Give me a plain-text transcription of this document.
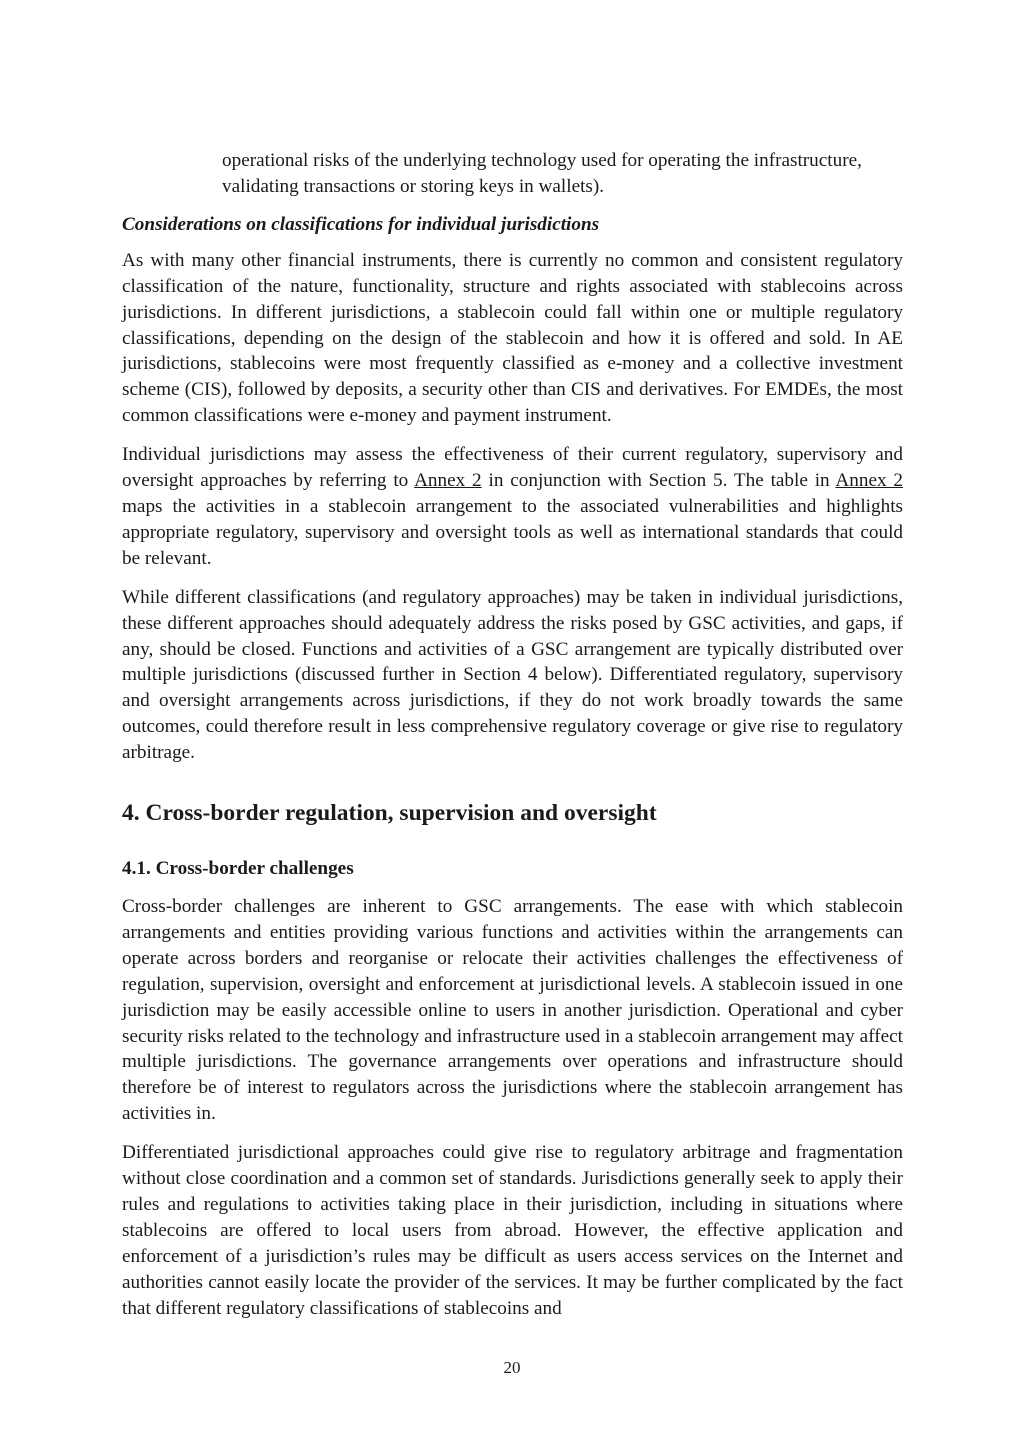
operational risks of the underlying technology used for operating the infrastructure, validating transactions or storing keys in wallets).

Considerations on classifications for individual jurisdictions

As with many other financial instruments, there is currently no common and consistent regulatory classification of the nature, functionality, structure and rights associated with stablecoins across jurisdictions. In different jurisdictions, a stablecoin could fall within one or multiple regulatory classifications, depending on the design of the stablecoin and how it is offered and sold. In AE jurisdictions, stablecoins were most frequently classified as e-money and a collective investment scheme (CIS), followed by deposits, a security other than CIS and derivatives. For EMDEs, the most common classifications were e-money and payment instrument.

Individual jurisdictions may assess the effectiveness of their current regulatory, supervisory and oversight approaches by referring to Annex 2 in conjunction with Section 5. The table in Annex 2 maps the activities in a stablecoin arrangement to the associated vulnerabilities and highlights appropriate regulatory, supervisory and oversight tools as well as international standards that could be relevant.

While different classifications (and regulatory approaches) may be taken in individual jurisdictions, these different approaches should adequately address the risks posed by GSC activities, and gaps, if any, should be closed. Functions and activities of a GSC arrangement are typically distributed over multiple jurisdictions (discussed further in Section 4 below). Differentiated regulatory, supervisory and oversight arrangements across jurisdictions, if they do not work broadly towards the same outcomes, could therefore result in less comprehensive regulatory coverage or give rise to regulatory arbitrage.

4. Cross-border regulation, supervision and oversight
4.1. Cross-border challenges

Cross-border challenges are inherent to GSC arrangements. The ease with which stablecoin arrangements and entities providing various functions and activities within the arrangements can operate across borders and reorganise or relocate their activities challenges the effectiveness of regulation, supervision, oversight and enforcement at jurisdictional levels. A stablecoin issued in one jurisdiction may be easily accessible online to users in another jurisdiction. Operational and cyber security risks related to the technology and infrastructure used in a stablecoin arrangement may affect multiple jurisdictions. The governance arrangements over operations and infrastructure should therefore be of interest to regulators across the jurisdictions where the stablecoin arrangement has activities in.

Differentiated jurisdictional approaches could give rise to regulatory arbitrage and fragmentation without close coordination and a common set of standards. Jurisdictions generally seek to apply their rules and regulations to activities taking place in their jurisdiction, including in situations where stablecoins are offered to local users from abroad. However, the effective application and enforcement of a jurisdiction’s rules may be difficult as users access services on the Internet and authorities cannot easily locate the provider of the services. It may be further complicated by the fact that different regulatory classifications of stablecoins and

20
